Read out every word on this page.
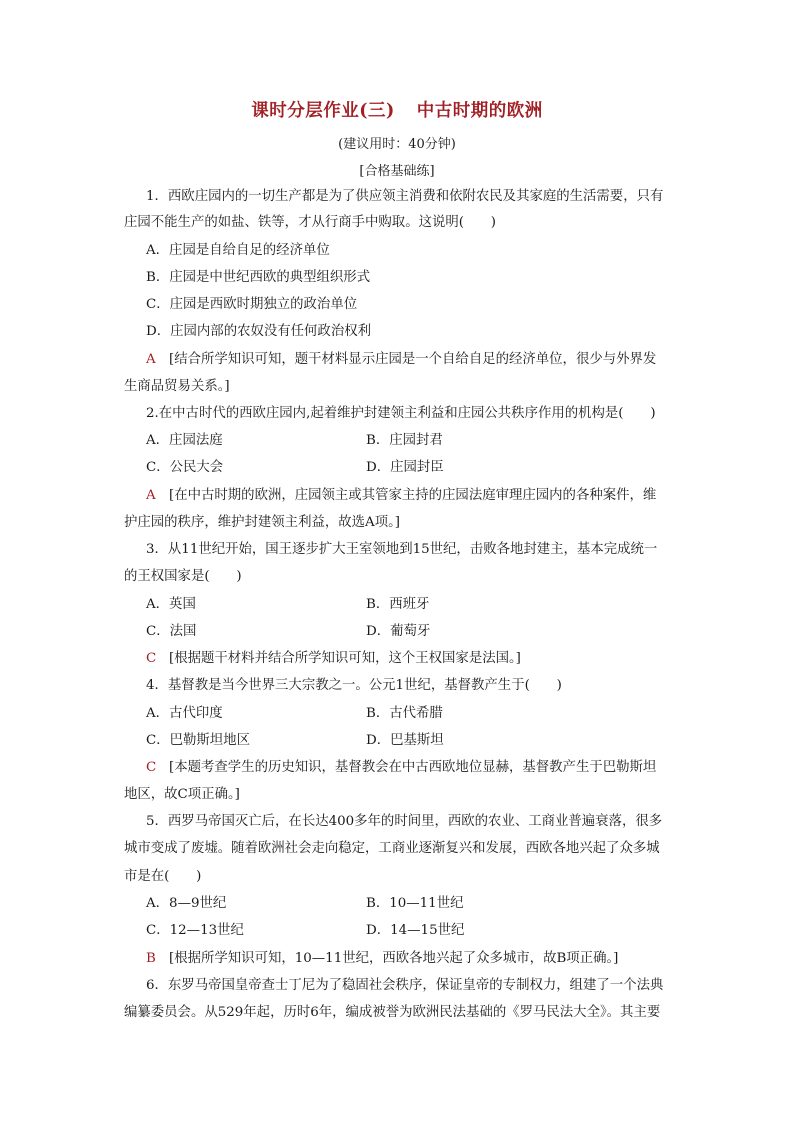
课时分层作业(三) 中古时期的欧洲
(建议用时：40分钟)
[合格基础练]
1．西欧庄园内的一切生产都是为了供应领主消费和依附农民及其家庭的生活需要，只有
庄园不能生产的如盐、铁等，才从行商手中购取。这说明(　　)
A．庄园是自给自足的经济单位
B．庄园是中世纪西欧的典型组织形式
C．庄园是西欧时期独立的政治单位
D．庄园内部的农奴没有任何政治权利
A [结合所学知识可知，题干材料显示庄园是一个自给自足的经济单位，很少与外界发
生商品贸易关系。]
2.在中古时代的西欧庄园内,起着维护封建领主利益和庄园公共秩序作用的机构是(　　)
A．庄园法庭	B．庄园封君
C．公民大会	D．庄园封臣
A [在中古时期的欧洲，庄园领主或其管家主持的庄园法庭审理庄园内的各种案件，维
护庄园的秩序，维护封建领主利益，故选A项。]
3．从11世纪开始，国王逐步扩大王室领地到15世纪，击败各地封建主，基本完成统一
的王权国家是(　　)
A．英国	B．西班牙
C．法国	D．葡萄牙
C [根据题干材料并结合所学知识可知，这个王权国家是法国。]
4．基督教是当今世界三大宗教之一。公元1世纪，基督教产生于(　　)
A．古代印度	B．古代希腊
C．巴勒斯坦地区	D．巴基斯坦
C [本题考查学生的历史知识，基督教会在中古西欧地位显赫，基督教产生于巴勒斯坦
地区，故C项正确。]
5．西罗马帝国灭亡后，在长达400多年的时间里，西欧的农业、工商业普遍衰落，很多
城市变成了废墟。随着欧洲社会走向稳定，工商业逐渐复兴和发展，西欧各地兴起了众多城
市是在(　　)
A．8—9世纪	B．10—11世纪
C．12—13世纪	D．14—15世纪
B [根据所学知识可知，10—11世纪，西欧各地兴起了众多城市，故B项正确。]
6．东罗马帝国皇帝查士丁尼为了稳固社会秩序，保证皇帝的专制权力，组建了一个法典
编纂委员会。从529年起，历时6年，编成被誉为欧洲民法基础的《罗马民法大全》。其主要
